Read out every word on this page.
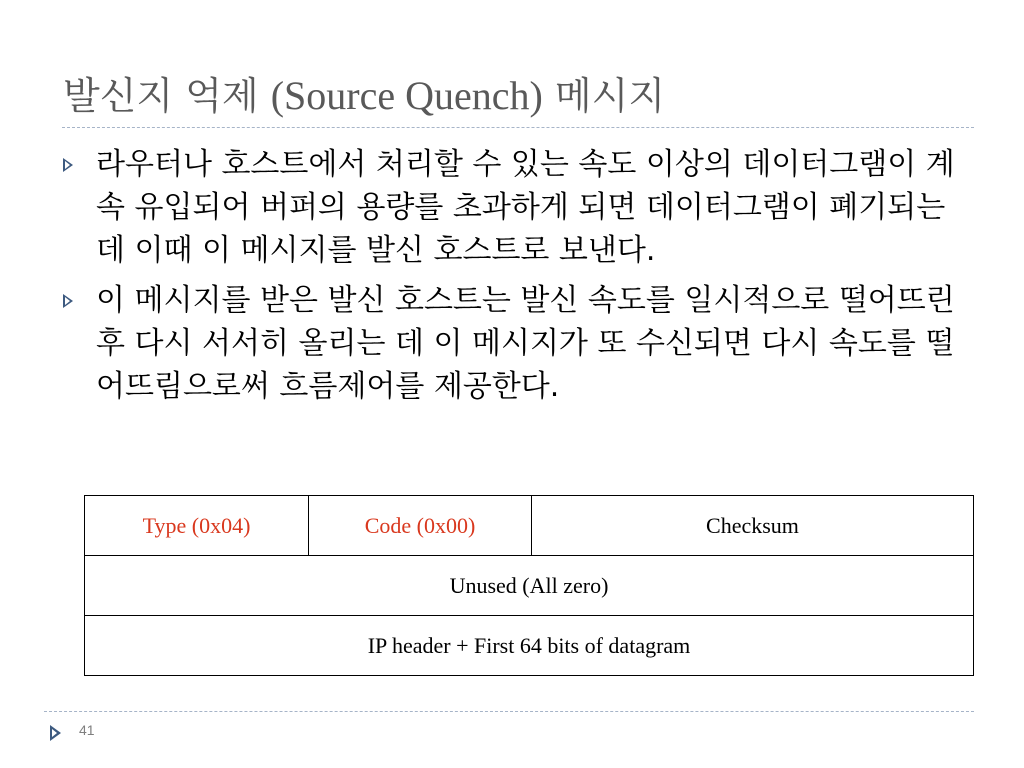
발신지 억제 (Source Quench) 메시지
라우터나 호스트에서 처리할 수 있는 속도 이상의 데이터그램이 계속 유입되어 버퍼의 용량를 초과하게 되면 데이터그램이 폐기되는데 이때 이 메시지를 발신 호스트로 보낸다.
이 메시지를 받은 발신 호스트는 발신 속도를 일시적으로 떨어뜨린 후 다시 서서히 올리는 데 이 메시지가 또 수신되면 다시 속도를 떨어뜨림으로써 흐름제어를 제공한다.
Type (0x04)	Code (0x00)	Checksum
Unused (All zero)
IP header + First 64 bits of datagram
41
